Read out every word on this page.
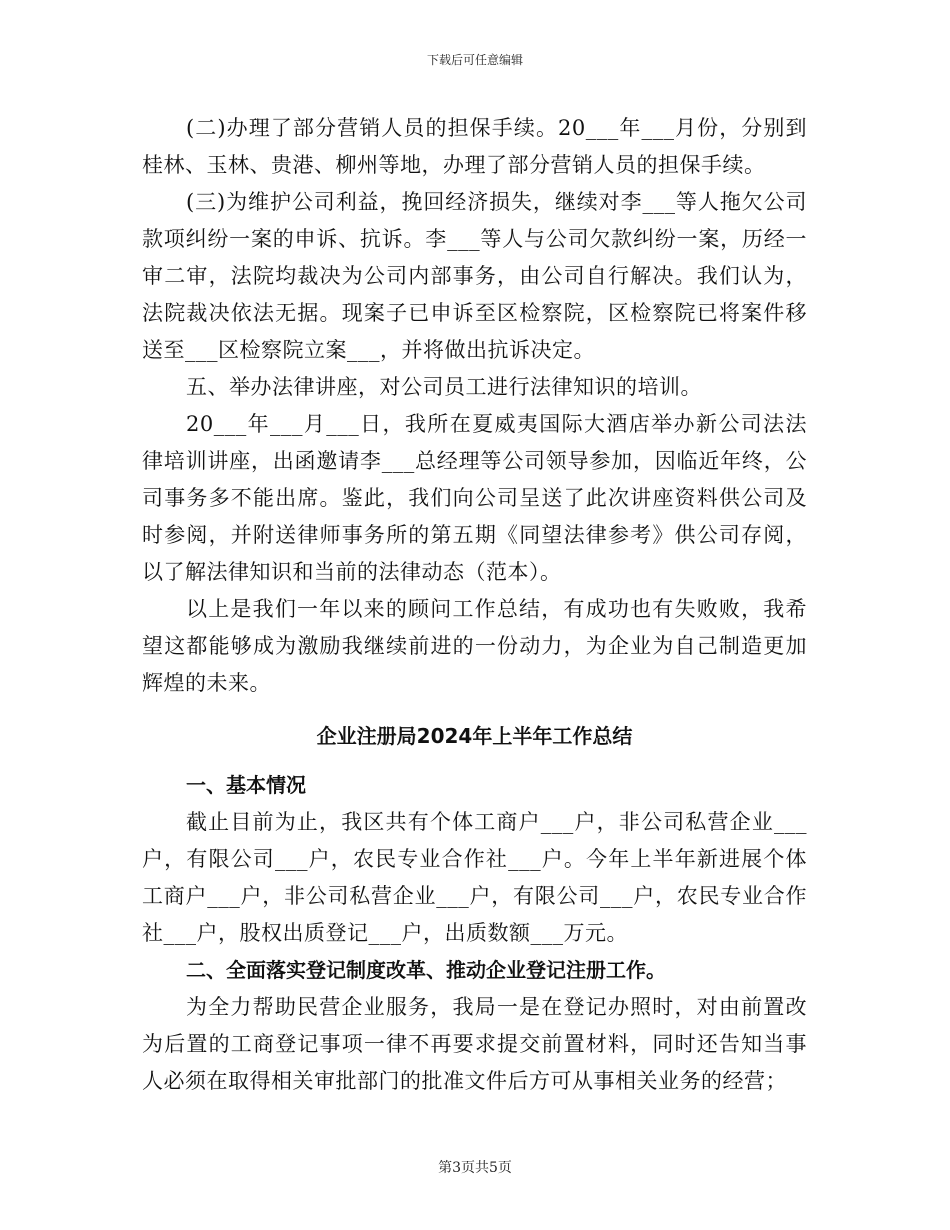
下载后可任意编辑

(二)办理了部分营销人员的担保手续。20___年___月份，分别到桂林、玉林、贵港、柳州等地，办理了部分营销人员的担保手续。

(三)为维护公司利益，挽回经济损失，继续对李___等人拖欠公司款项纠纷一案的申诉、抗诉。李___等人与公司欠款纠纷一案，历经一审二审，法院均裁决为公司内部事务，由公司自行解决。我们认为，法院裁决依法无据。现案子已申诉至区检察院，区检察院已将案件移送至___区检察院立案___，并将做出抗诉决定。

五、举办法律讲座，对公司员工进行法律知识的培训。

20___年___月___日，我所在夏威夷国际大酒店举办新公司法法律培训讲座，出函邀请李___总经理等公司领导参加，因临近年终，公司事务多不能出席。鉴此，我们向公司呈送了此次讲座资料供公司及时参阅，并附送律师事务所的第五期《同望法律参考》供公司存阅，以了解法律知识和当前的法律动态（范本）。

以上是我们一年以来的顾问工作总结，有成功也有失败败，我希望这都能够成为激励我继续前进的一份动力，为企业为自己制造更加辉煌的未来。

企业注册局2024年上半年工作总结

一、基本情况

截止目前为止，我区共有个体工商户___户，非公司私营企业___户，有限公司___户，农民专业合作社___户。今年上半年新进展个体工商户___户，非公司私营企业___户，有限公司___户，农民专业合作社___户，股权出质登记___户，出质数额___万元。

二、全面落实登记制度改革、推动企业登记注册工作。

为全力帮助民营企业服务，我局一是在登记办照时，对由前置改为后置的工商登记事项一律不再要求提交前置材料，同时还告知当事人必须在取得相关审批部门的批准文件后方可从事相关业务的经营；

第3页共5页
